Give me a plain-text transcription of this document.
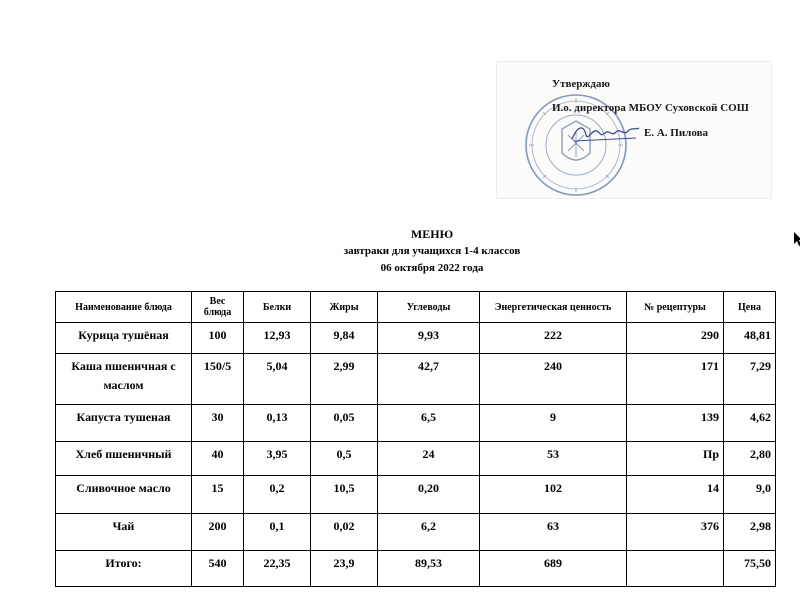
Утверждаю
И.о. директора МБОУ Суховской СОШ
Е. А. Пилова
МЕНЮ
завтраки для учащихся 1-4 классов
06 октября 2022 года
Наименование блюда	Вес блюда	Белки	Жиры	Углеводы	Энергетическая ценность	№ рецептуры	Цена
Курица тушёная	100	12,93	9,84	9,93	222	290	48,81
Каша пшеничная с маслом	150/5	5,04	2,99	42,7	240	171	7,29
Капуста тушеная	30	0,13	0,05	6,5	9	139	4,62
Хлеб пшеничный	40	3,95	0,5	24	53	Пр	2,80
Сливочное масло	15	0,2	10,5	0,20	102	14	9,0
Чай	200	0,1	0,02	6,2	63	376	2,98
Итого:	540	22,35	23,9	89,53	689		75,50
